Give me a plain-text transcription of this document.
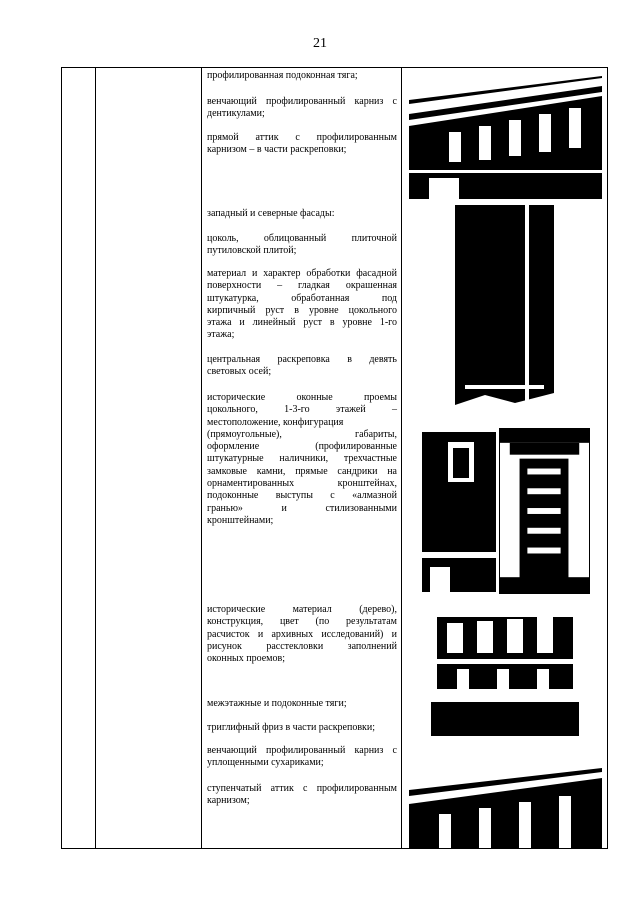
21

профилированная подоконная тяга;

венчающий профилированный карниз с

дентикулами;

прямой аттик с профилированным

карнизом – в части раскреповки;

западный и северные фасады:

цоколь, облицованный плиточной

путиловской плитой;

материал и характер обработки фасадной

поверхности – гладкая окрашенная

штукатурка, обработанная под

кирпичный руст в уровне цокольного

этажа и линейный руст в уровне 1-го

этажа;

центральная раскреповка в девять

световых осей;

исторические оконные проемы

цокольного, 1-3-го этажей –

местоположение, конфигурация

(прямоугольные), габариты,

оформление (профилированные

штукатурные наличники, трехчастные

замковые камни, прямые сандрики на

орнаментированных кронштейнах,

подоконные выступы с «алмазной

гранью» и стилизованными

кронштейнами;

исторические материал (дерево),

конструкция, цвет (по результатам

расчисток и архивных исследований) и

рисунок расстекловки заполнений

оконных проемов;

межэтажные и подоконные тяги;

триглифный фриз в части раскреповки;

венчающий профилированный карниз с

уплощенными сухариками;

ступенчатый аттик с профилированным

карнизом;
